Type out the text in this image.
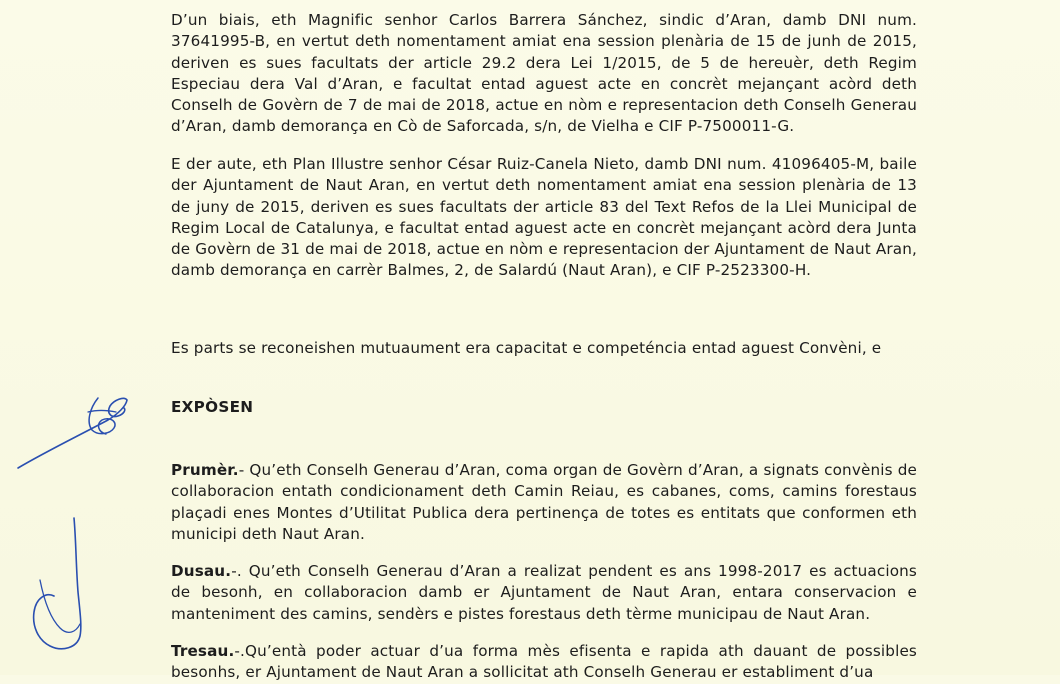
D’un biais, eth Magnific senhor Carlos Barrera Sánchez, sindic d’Aran, damb DNI num. 37641995-B, en vertut deth nomentament amiat ena session plenària de 15 de junh de 2015, deriven es sues facultats der article 29.2 dera Lei 1/2015, de 5 de hereuèr, deth Regim Especiau dera Val d’Aran, e facultat entad aguest acte en concrèt mejançant acòrd deth Conselh de Govèrn de 7 de mai de 2018, actue en nòm e representacion deth Conselh Generau d’Aran, damb demorança en Cò de Saforcada, s/n, de Vielha e CIF P-7500011-G.

E der aute, eth Plan Illustre senhor César Ruiz-Canela Nieto, damb DNI num. 41096405-M, baile der Ajuntament de Naut Aran, en vertut deth nomentament amiat ena session plenària de 13 de juny de 2015, deriven es sues facultats der article 83 del Text Refos de la Llei Municipal de Regim Local de Catalunya, e facultat entad aguest acte en concrèt mejançant acòrd dera Junta de Govèrn de 31 de mai de 2018, actue en nòm e representacion der Ajuntament de Naut Aran, damb demorança en carrèr Balmes, 2, de Salardú (Naut Aran), e CIF P-2523300-H.

Es parts se reconeishen mutuaument era capacitat e competéncia entad aguest Convèni, e

EXPÒSEN

Prumèr.- Qu’eth Conselh Generau d’Aran, coma organ de Govèrn d’Aran, a signats convènis de collaboracion entath condicionament deth Camin Reiau, es cabanes, coms, camins forestaus plaçadi enes Montes d’Utilitat Publica dera pertinença de totes es entitats que conformen eth municipi deth Naut Aran.

Dusau.-. Qu’eth Conselh Generau d’Aran a realizat pendent es ans 1998-2017 es actuacions de besonh, en collaboracion damb er Ajuntament de Naut Aran, entara conservacion e manteniment des camins, sendèrs e pistes forestaus deth tèrme municipau de Naut Aran.

Tresau.-.Qu’entà poder actuar d’ua forma mès efisenta e rapida ath dauant de possibles besonhs, er Ajuntament de Naut Aran a sollicitat ath Conselh Generau er establiment d’ua
